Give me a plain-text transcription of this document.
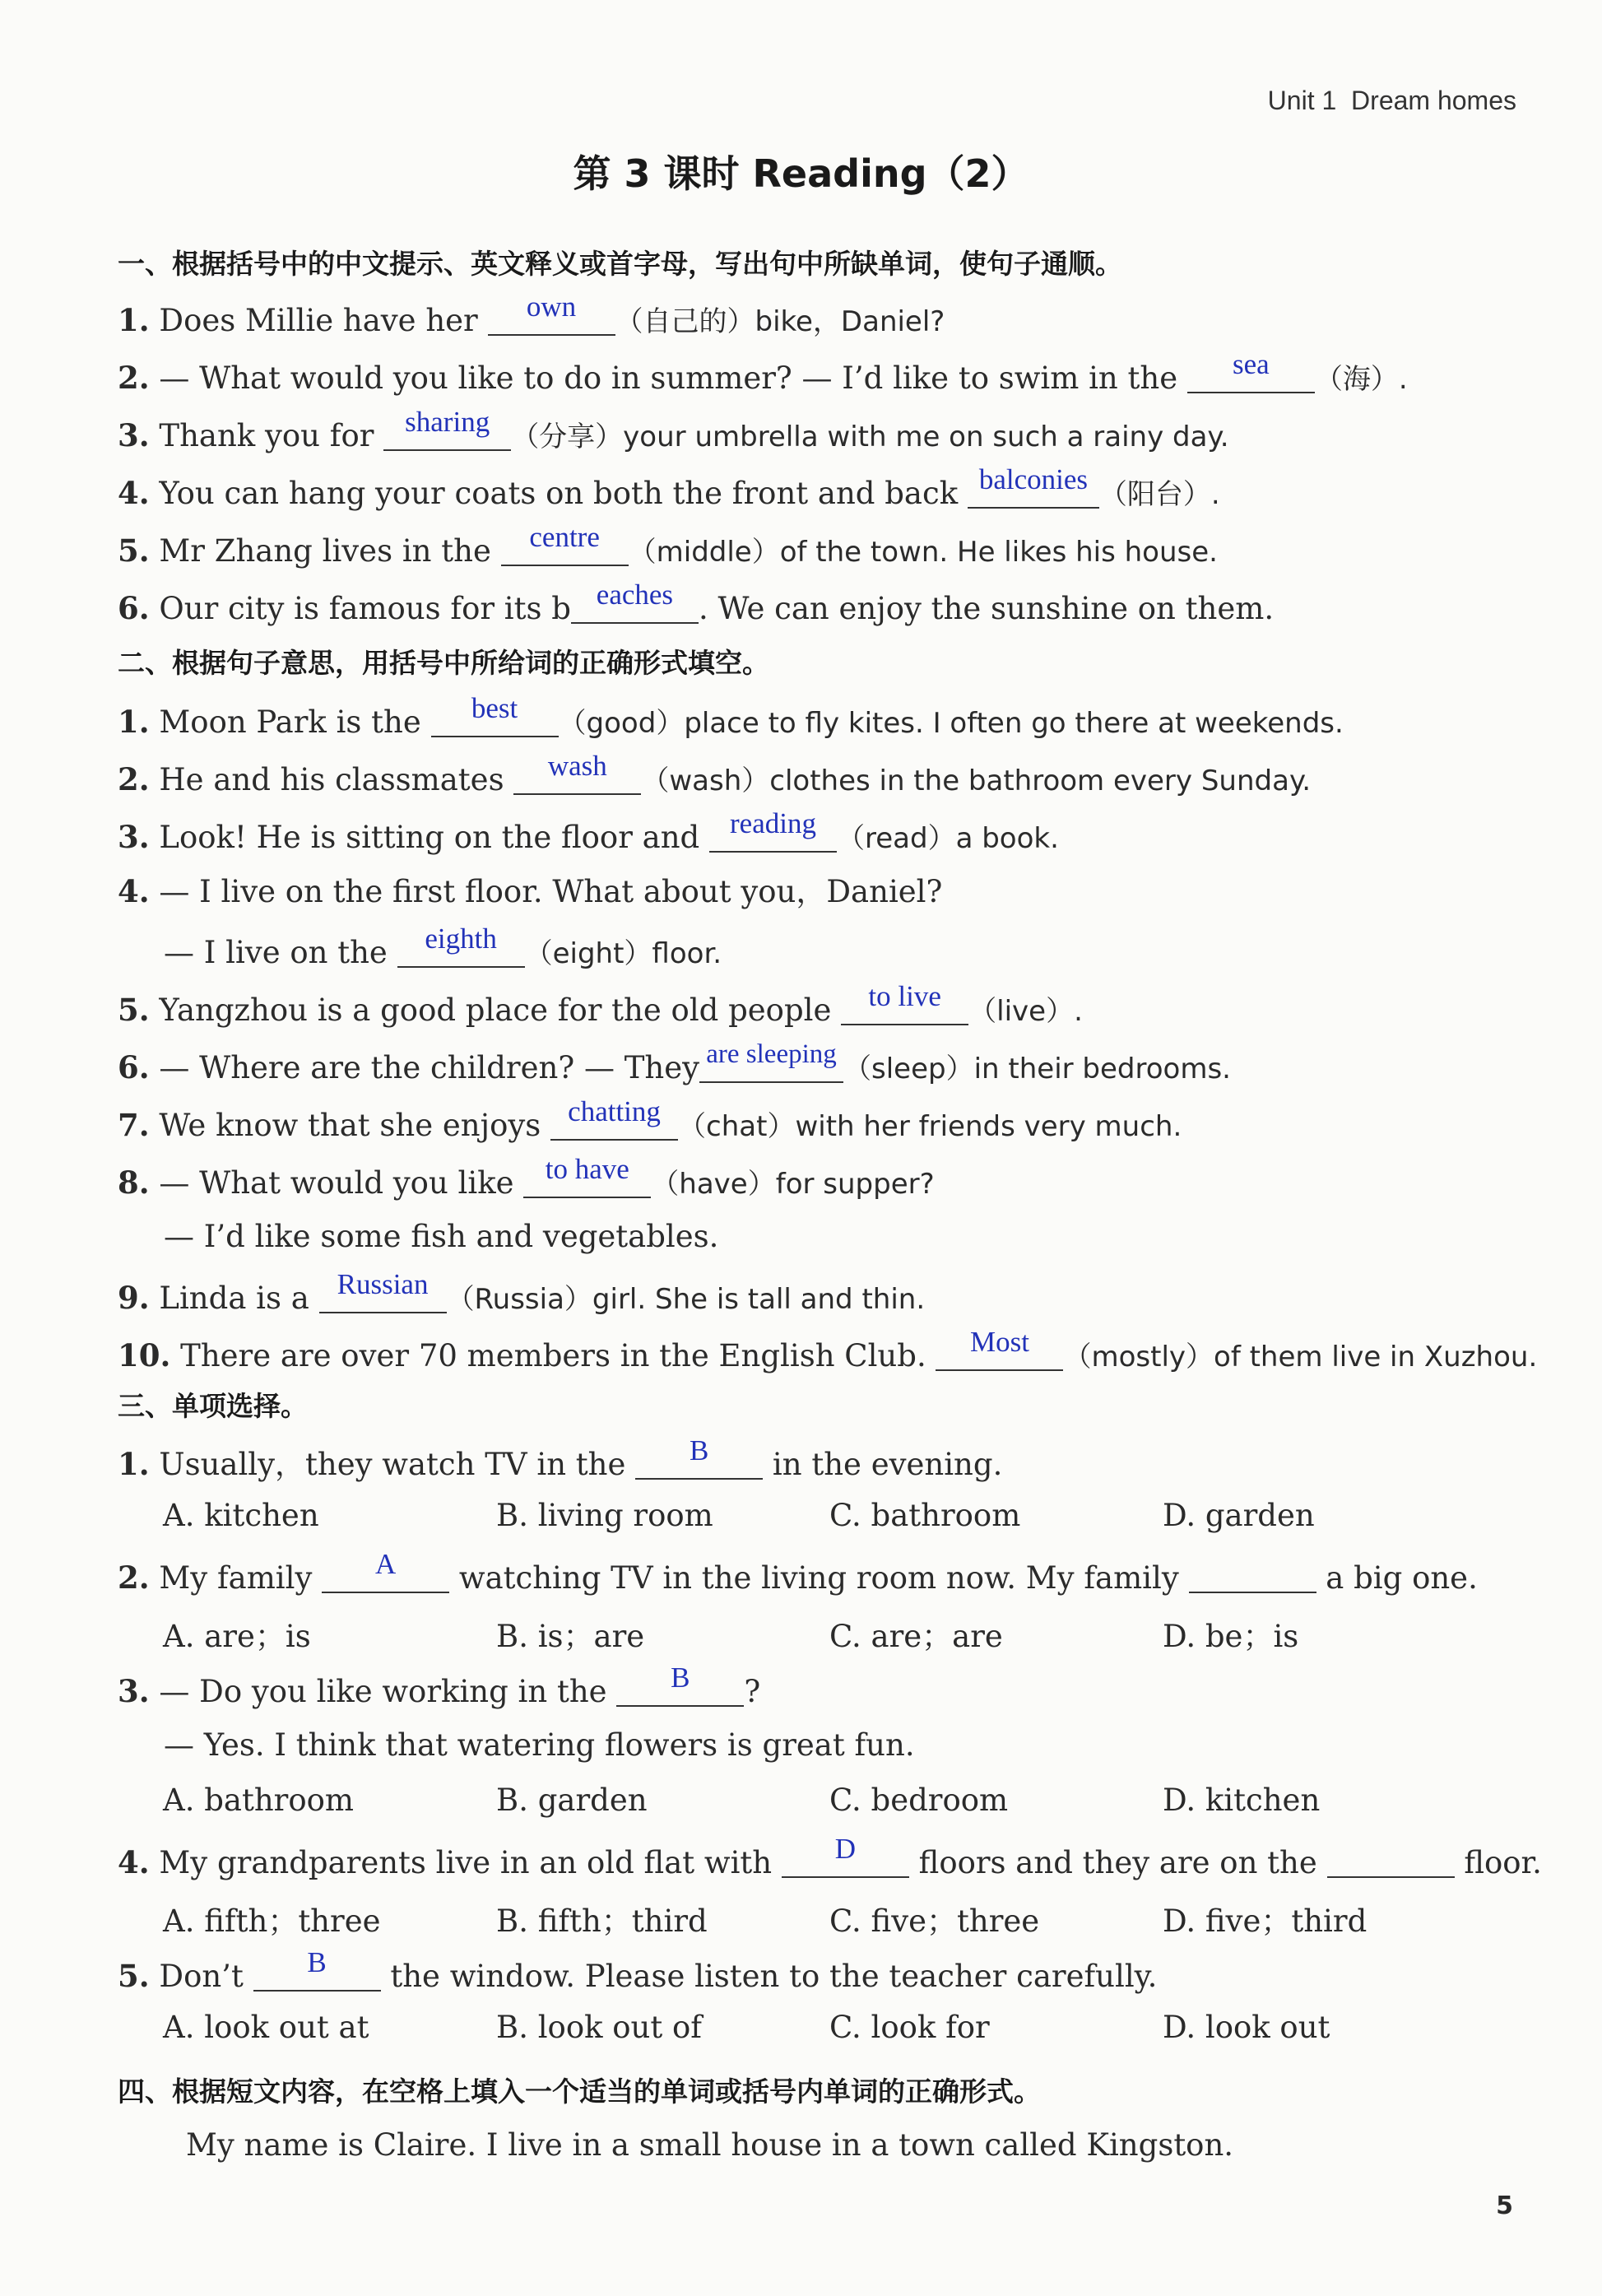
Unit 1 Dream homes
第 3 课时 Reading（2）
一、根据括号中的中文提示、英文释义或首字母，写出句中所缺单词，使句子通顺。
1. Does Millie have her	own	（自己的）bike，Daniel?
2. — What would you like to do in summer? — I’d like to swim in the	sea	（海）.
3. Thank you for	sharing （分享）your umbrella with me on such a rainy day.
4. You can hang your coats on both the front and back balconies （阳台）.
5. Mr Zhang lives in the	centre	（middle）of the town. He likes his house.
6. Our city is famous for its b eaches . We can enjoy the sunshine on them.
二、根据句子意思，用括号中所给词的正确形式填空。
1. Moon Park is the	best	（good）place to fly kites. I often go there at weekends.
2. He and his classmates	wash	（wash）clothes in the bathroom every Sunday.
3. Look! He is sitting on the floor and	reading （read）a book.
4. — I live on the first floor. What about you，Daniel?
— I live on the	eighth （eight）floor.
5. Yangzhou is a good place for the old people	to live （live）.
6. — Where are the children? — They are sleeping （sleep）in their bedrooms.
7. We know that she enjoys chatting （chat）with her friends very much.
8. — What would you like	to have （have）for supper?
— I’d like some fish and vegetables.
9. Linda is a Russian （Russia）girl. She is tall and thin.
10. There are over 70 members in the English Club.	Most	（mostly）of them live in Xuzhou.
三、单项选择。
1. Usually，they watch TV in the	B	in the evening.
A. kitchen	B. living room	C. bathroom	D. garden
2. My family	A	watching TV in the living room now. My family	a big one.
A. are；is	B. is；are	C. are；are	D. be；is
3. — Do you like working in the	B	?
— Yes. I think that watering flowers is great fun.
A. bathroom	B. garden	C. bedroom	D. kitchen
4. My grandparents live in an old flat with	D	floors and they are on the	floor.
A. fifth；three	B. fifth；third	C. five；three	D. five；third
5. Don’t	B	the window. Please listen to the teacher carefully.
A. look out at	B. look out of	C. look for	D. look out
四、根据短文内容，在空格上填入一个适当的单词或括号内单词的正确形式。
My name is Claire. I live in a small house in a town called Kingston.
5
